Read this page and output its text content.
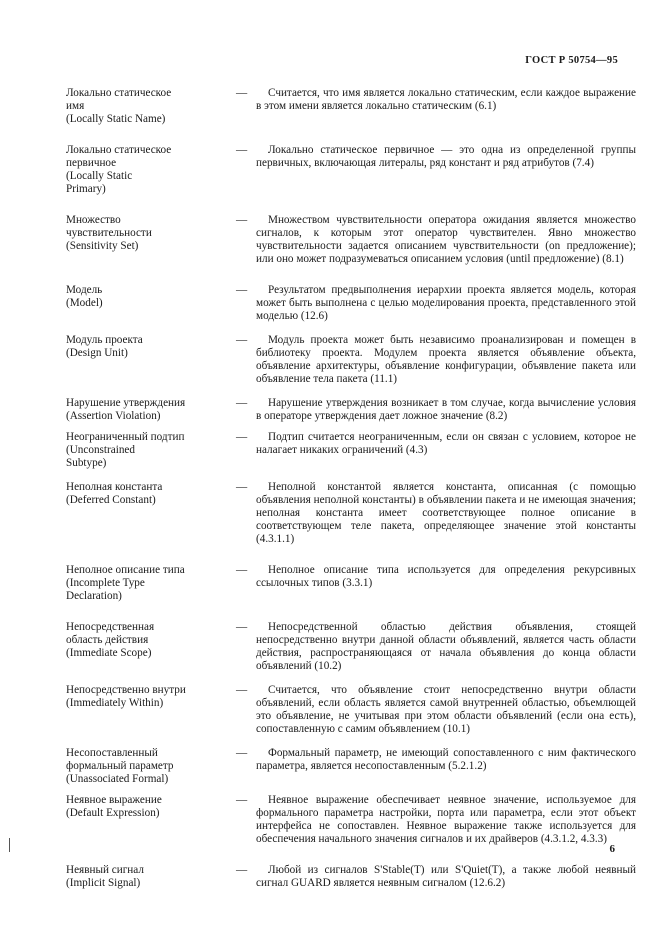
ГОСТ Р 50754—95
Локально статическое
имя
(Locally Static Name)
—	Считается, что имя является локально статическим, если каждое выражение в этом имени является локально статическим (6.1)
Локально статическое
первичное
(Locally Static
Primary)
—	Локально статическое первичное — это одна из определенной группы первичных, включающая литералы, ряд констант и ряд атрибутов (7.4)
Множество
чувствительности
(Sensitivity Set)
—	Множеством чувствительности оператора ожидания является множество сигналов, к которым этот оператор чувствителен. Явно множество чувствительности задается описанием чувствительности (on предложение); или оно может подразумеваться описанием условия (until предложение) (8.1)
Модель
(Model)
—	Результатом предвыполнения иерархии проекта является модель, которая может быть выполнена с целью моделирования проекта, представленного этой моделью (12.6)
Модуль проекта
(Design Unit)
—	Модуль проекта может быть независимо проанализирован и помещен в библиотеку проекта. Модулем проекта является объявление объекта, объявление архитектуры, объявление конфигурации, объявление пакета или объявление тела пакета (11.1)
Нарушение утверждения
(Assertion Violation)
—	Нарушение утверждения возникает в том случае, когда вычисление условия в операторе утверждения дает ложное значение (8.2)
Неограниченный подтип
(Unconstrained
Subtype)
—	Подтип считается неограниченным, если он связан с условием, которое не налагает никаких ограничений (4.3)
Неполная константа
(Deferred Constant)
—	Неполной константой является константа, описанная (с помощью объявления неполной константы) в объявлении пакета и не имеющая значения; неполная константа имеет соответствующее полное описание в соответствующем теле пакета, определяющее значение этой константы (4.3.1.1)
Неполное описание типа
(Incomplete Type
Declaration)
—	Неполное описание типа используется для определения рекурсивных ссылочных типов (3.3.1)
Непосредственная
область действия
(Immediate Scope)
—	Непосредственной областью действия объявления, стоящей непосредственно внутри данной области объявлений, является часть области действия, распространяющаяся от начала объявления до конца области объявлений (10.2)
Непосредственно внутри
(Immediately Within)
—	Считается, что объявление стоит непосредственно внутри области объявлений, если область является самой внутренней областью, объемлющей это объявление, не учитывая при этом области объявлений (если она есть), сопоставленную с самим объявлением (10.1)
Несопоставленный
формальный параметр
(Unassociated Formal)
—	Формальный параметр, не имеющий сопоставленного с ним фактического параметра, является несопоставленным (5.2.1.2)
Неявное выражение
(Default Expression)
—	Неявное выражение обеспечивает неявное значение, используемое для формального параметра настройки, порта или параметра, если этот объект интерфейса не сопоставлен. Неявное выражение также используется для обеспечения начального значения сигналов и их драйверов (4.3.1.2, 4.3.3)
Неявный сигнал
(Implicit Signal)
—	Любой из сигналов S'Stable(T) или S'Quiet(T), а также любой неявный сигнал GUARD является неявным сигналом (12.6.2)
6
